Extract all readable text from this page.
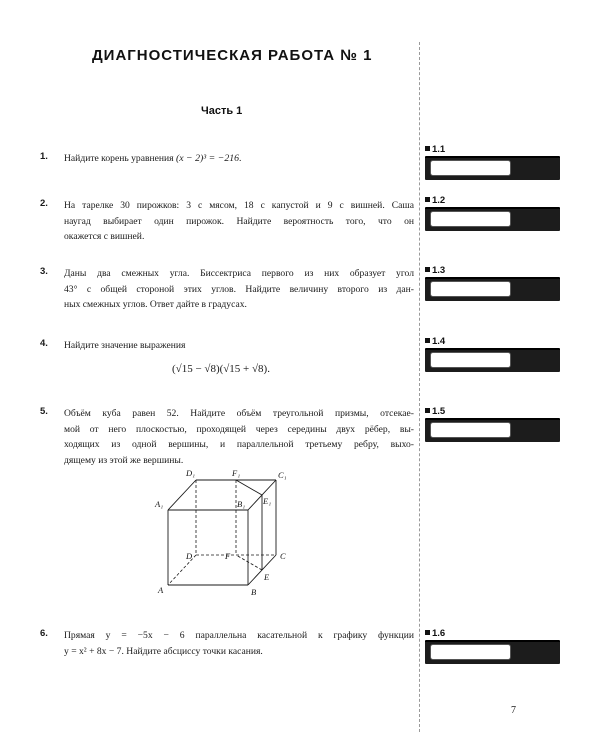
ДИАГНОСТИЧЕСКАЯ РАБОТА № 1
Часть 1
1. Найдите корень уравнения (x − 2)³ = −216.
2. На тарелке 30 пирожков: 3 с мясом, 18 с капустой и 9 с вишней. Саша
наугад выбирает один пирожок. Найдите вероятность того, что он
окажется с вишней.
3. Даны два смежных угла. Биссектриса первого из них образует угол
43° с общей стороной этих углов. Найдите величину второго из дан-
ных смежных углов. Ответ дайте в градусах.
4. Найдите значение выражения
(√15 − √8)(√15 + √8).
5. Объём куба равен 52. Найдите объём треугольной призмы, отсекае-
мой от него плоскостью, проходящей через середины двух рёбер, вы-
ходящих из одной вершины, и параллельной третьему ребру, выхо-
дящему из этой же вершины.
D₁	F₁	C₁
A₁	B₁ E₁
D	F	C
E
A	B
6. Прямая y = −5x − 6 параллельна касательной к графику функции
y = x² + 8x − 7. Найдите абсциссу точки касания.
1.1
1.2
1.3
1.4
1.5
1.6
7
